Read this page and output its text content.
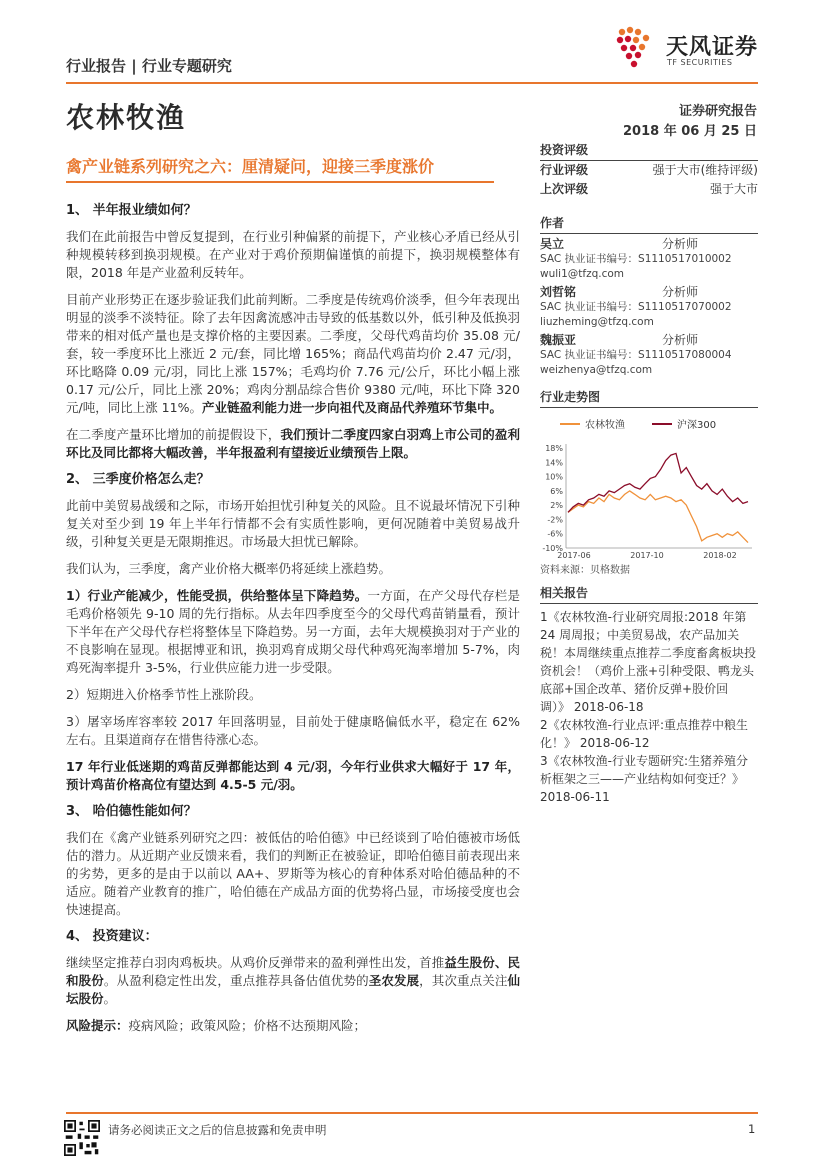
行业报告 | 行业专题研究
天风证券
TF SECURITIES
农林牧渔	证券研究报告
2018 年 06 月 25 日
禽产业链系列研究之六：厘清疑问，迎接三季度涨价
1、 半年报业绩如何？

我们在此前报告中曾反复提到，在行业引种偏紧的前提下，产业核心矛盾已经从引种规模转移到换羽规模。在产业对于鸡价预期偏谨慎的前提下，换羽规模整体有限，2018 年是产业盈利反转年。

目前产业形势正在逐步验证我们此前判断。二季度是传统鸡价淡季，但今年表现出明显的淡季不淡特征。除了去年因禽流感冲击导致的低基数以外，低引种及低换羽带来的相对低产量也是支撑价格的主要因素。二季度，父母代鸡苗均价 35.08 元/套，较一季度环比上涨近 2 元/套，同比增 165%；商品代鸡苗均价 2.47 元/羽，环比略降 0.09 元/羽，同比上涨 157%；毛鸡均价 7.76 元/公斤，环比小幅上涨 0.17 元/公斤，同比上涨 20%；鸡肉分割品综合售价 9380 元/吨，环比下降 320 元/吨，同比上涨 11%。产业链盈利能力进一步向祖代及商品代养殖环节集中。

在二季度产量环比增加的前提假设下，我们预计二季度四家白羽鸡上市公司的盈利环比及同比都将大幅改善，半年报盈利有望接近业绩预告上限。

2、 三季度价格怎么走？

此前中美贸易战缓和之际，市场开始担忧引种复关的风险。且不说最坏情况下引种复关对至少到 19 年上半年行情都不会有实质性影响，更何况随着中美贸易战升级，引种复关更是无限期推迟。市场最大担忧已解除。

我们认为，三季度，禽产业价格大概率仍将延续上涨趋势。

1）行业产能减少，性能受损，供给整体呈下降趋势。一方面，在产父母代存栏是毛鸡价格领先 9-10 周的先行指标。从去年四季度至今的父母代鸡苗销量看，预计下半年在产父母代存栏将整体呈下降趋势。另一方面，去年大规模换羽对于产业的不良影响在显现。根据博亚和讯，换羽鸡育成期父母代种鸡死淘率增加 5-7%，肉鸡死淘率提升 3-5%，行业供应能力进一步受限。

2）短期进入价格季节性上涨阶段。

3）屠宰场库容率较 2017 年回落明显，目前处于健康略偏低水平，稳定在 62%左右。且渠道商存在惜售待涨心态。

17 年行业低迷期的鸡苗反弹都能达到 4 元/羽，今年行业供求大幅好于 17 年，预计鸡苗价格高位有望达到 4.5-5 元/羽。

3、 哈伯德性能如何？

我们在《禽产业链系列研究之四：被低估的哈伯德》中已经谈到了哈伯德被市场低估的潜力。从近期产业反馈来看，我们的判断正在被验证，即哈伯德目前表现出来的劣势，更多的是由于以前以 AA+、罗斯等为核心的育种体系对哈伯德品种的不适应。随着产业教育的推广，哈伯德在产成品方面的优势将凸显，市场接受度也会快速提高。

4、 投资建议：

继续坚定推荐白羽肉鸡板块。从鸡价反弹带来的盈利弹性出发，首推益生股份、民和股份。从盈利稳定性出发，重点推荐具备估值优势的圣农发展，其次重点关注仙坛股份。

风险提示：疫病风险；政策风险；价格不达预期风险；

投资评级
行业评级	强于大市(维持评级)
上次评级	强于大市
作者
吴立	分析师
SAC 执业证书编号：S1110517010002
wuli1@tfzq.com
刘哲铭	分析师
SAC 执业证书编号：S1110517070002
liuzheming@tfzq.com
魏振亚	分析师
SAC 执业证书编号：S1110517080004
weizhenya@tfzq.com
行业走势图
农林牧渔	沪深300
18%
14%
10%
6%
2%
-2%
-6%
-10%
2017-06	2017-10	2018-02
资料来源：贝格数据
相关报告
1《农林牧渔-行业研究周报:2018 年第 24 周周报；中美贸易战，农产品加关税！本周继续重点推荐二季度畜禽板块投资机会！（鸡价上涨+引种受限、鸭龙头底部+国企改革、猪价反弹+股价回调）》 2018-06-18
2《农林牧渔-行业点评:重点推荐中粮生化！》 2018-06-12
3《农林牧渔-行业专题研究:生猪养殖分析框架之三——产业结构如何变迁？》 2018-06-11
请务必阅读正文之后的信息披露和免责申明	1
